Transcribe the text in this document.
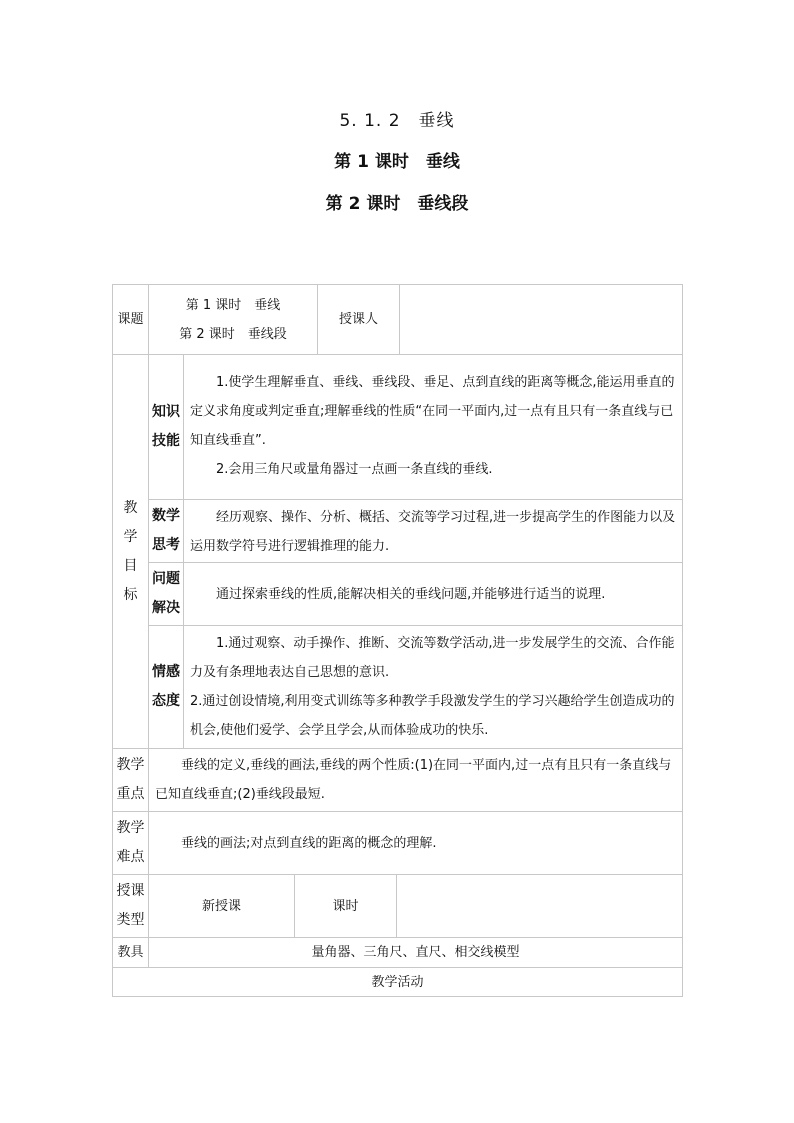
5. 1. 2　垂线
第 1 课时　垂线
第 2 课时　垂线段
课题
第 1 课时　垂线
第 2 课时　垂线段
授课人
教
学
目
标
知识
技能

1.使学生理解垂直、垂线、垂线段、垂足、点到直线的距离等概念,能运用垂直的定义求角度或判定垂直;理解垂线的性质“在同一平面内,过一点有且只有一条直线与已知直线垂直”.

2.会用三角尺或量角器过一点画一条直线的垂线.

数学
思考

经历观察、操作、分析、概括、交流等学习过程,进一步提高学生的作图能力以及运用数学符号进行逻辑推理的能力.

问题
解决

通过探索垂线的性质,能解决相关的垂线问题,并能够进行适当的说理.

情感
态度

1.通过观察、动手操作、推断、交流等数学活动,进一步发展学生的交流、合作能力及有条理地表达自己思想的意识.

2.通过创设情境,利用变式训练等多种教学手段激发学生的学习兴趣给学生创造成功的机会,使他们爱学、会学且学会,从而体验成功的快乐.

教学
重点

垂线的定义,垂线的画法,垂线的两个性质:(1)在同一平面内,过一点有且只有一条直线与已知直线垂直;(2)垂线段最短.

教学
难点

垂线的画法;对点到直线的距离的概念的理解.

授课
类型
新授课	课时
教具	量角器、三角尺、直尺、相交线模型
教学活动
